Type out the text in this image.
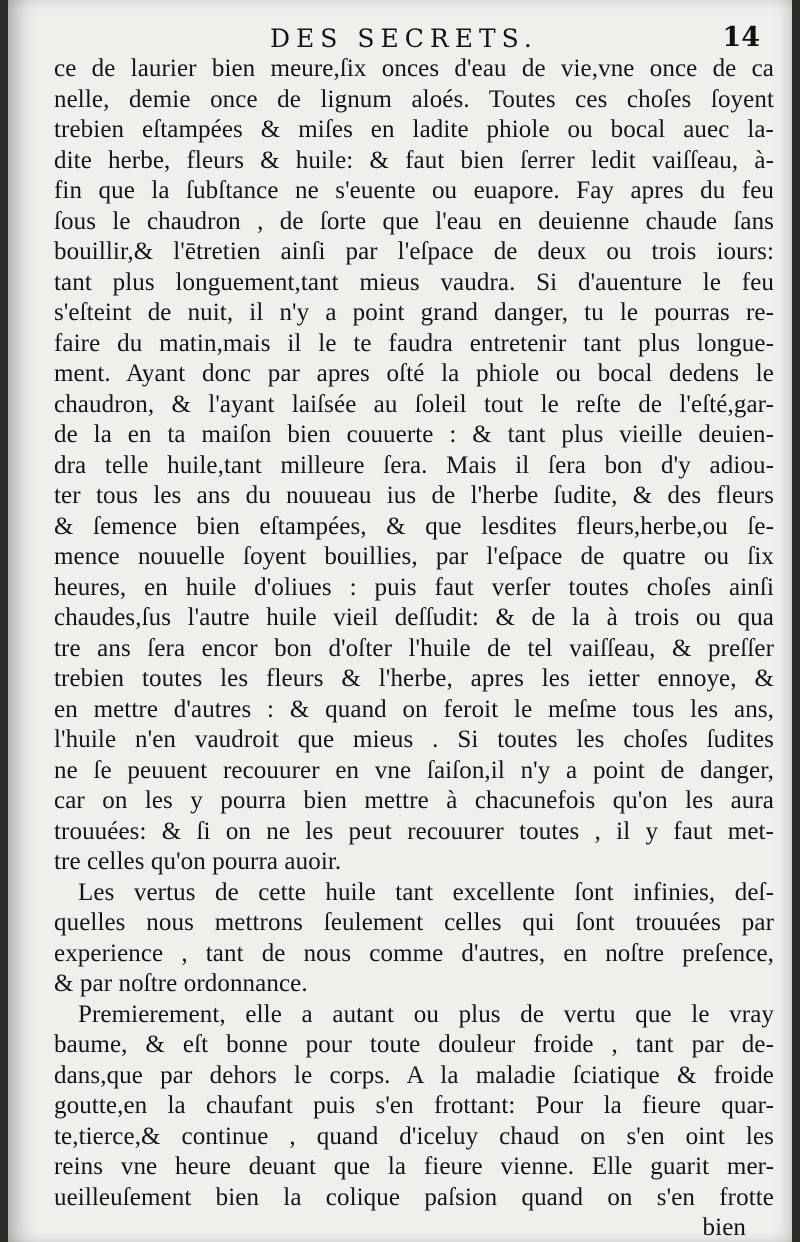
DES SECRETS.	14
ce de laurier bien meure,ſix onces d'eau de vie,vne once de ca
nelle, demie once de lignum aloés. Toutes ces choſes ſoyent
trebien eſtampées & miſes en ladite phiole ou bocal auec la-
dite herbe, fleurs & huile: & faut bien ſerrer ledit vaiſſeau, à-
fin que la ſubſtance ne s'euente ou euapore. Fay apres du feu
ſous le chaudron , de ſorte que l'eau en deuienne chaude ſans
bouillir,& l'ētretien ainſi par l'eſpace de deux ou trois iours:
tant plus longuement,tant mieus vaudra. Si d'auenture le feu
s'eſteint de nuit, il n'y a point grand danger, tu le pourras re-
faire du matin,mais il le te faudra entretenir tant plus longue-
ment. Ayant donc par apres oſté la phiole ou bocal dedens le
chaudron, & l'ayant laiſsée au ſoleil tout le reſte de l'eſté,gar-
de la en ta maiſon bien couuerte : & tant plus vieille deuien-
dra telle huile,tant milleure ſera. Mais il ſera bon d'y adiou-
ter tous les ans du nouueau ius de l'herbe ſudite, & des fleurs
& ſemence bien eſtampées, & que lesdites fleurs,herbe,ou ſe-
mence nouuelle ſoyent bouillies, par l'eſpace de quatre ou ſix
heures, en huile d'oliues : puis faut verſer toutes choſes ainſi
chaudes,ſus l'autre huile vieil deſſudit: & de la à trois ou qua
tre ans ſera encor bon d'oſter l'huile de tel vaiſſeau, & preſſer
trebien toutes les fleurs & l'herbe, apres les ietter ennoye, &
en mettre d'autres : & quand on feroit le meſme tous les ans,
l'huile n'en vaudroit que mieus . Si toutes les choſes ſudites
ne ſe peuuent recouurer en vne ſaiſon,il n'y a point de danger,
car on les y pourra bien mettre à chacunefois qu'on les aura
trouuées: & ſi on ne les peut recouurer toutes , il y faut met-
tre celles qu'on pourra auoir.
Les vertus de cette huile tant excellente ſont infinies, deſ-
quelles nous mettrons ſeulement celles qui ſont trouuées par
experience , tant de nous comme d'autres, en noſtre preſence,
& par noſtre ordonnance.
Premierement, elle a autant ou plus de vertu que le vray
baume, & eſt bonne pour toute douleur froide , tant par de-
dans,que par dehors le corps. A la maladie ſciatique & froide
goutte,en la chaufant puis s'en frottant: Pour la fieure quar-
te,tierce,& continue , quand d'iceluy chaud on s'en oint les
reins vne heure deuant que la fieure vienne. Elle guarit mer-
ueilleuſement bien la colique paſsion quand on s'en frotte
bien
